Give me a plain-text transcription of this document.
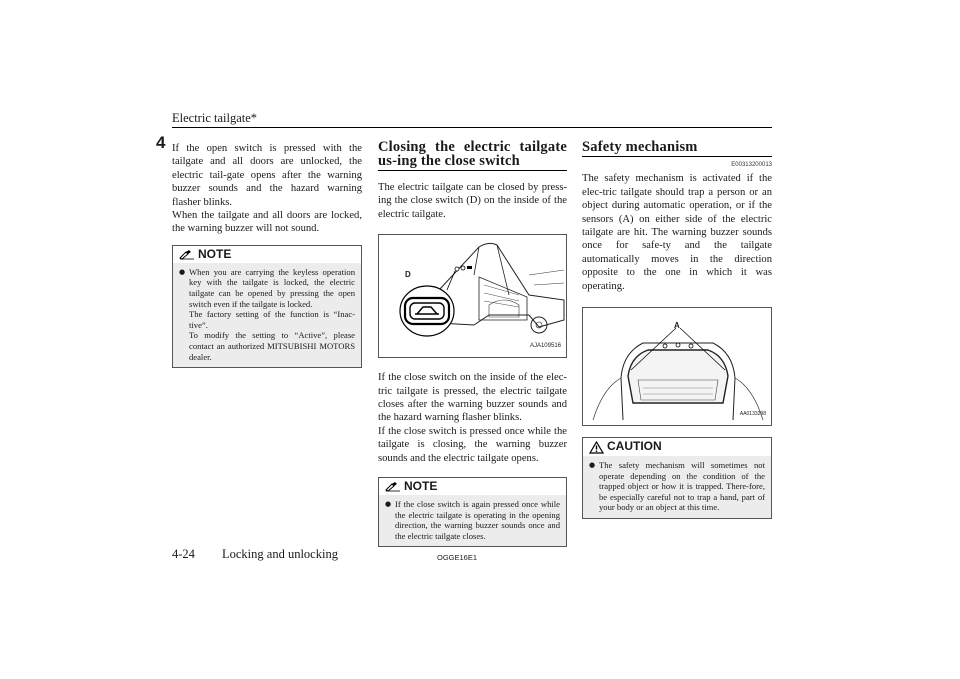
Electric tailgate*
4 If the open switch is pressed with the tailgate and all doors are unlocked, the electric tail-gate opens after the warning buzzer sounds and the hazard warning flasher blinks.

When the tailgate and all doors are locked, the warning buzzer will not sound.

NOTE
● When you are carrying the keyless operation key with the tailgate is locked, the electric tailgate can be opened by pressing the open switch even if the tailgate is locked.
The factory setting of the function is “Inac-tive”.
To modify the setting to “Active”, please contact an authorized MITSUBISHI MOTORS dealer.
Closing the electric tailgate us-ing the close switch

The electric tailgate can be closed by press-ing the close switch (D) on the inside of the electric tailgate.

D
AJA109516

If the close switch on the inside of the elec-tric tailgate is pressed, the electric tailgate closes after the warning buzzer sounds and the hazard warning flasher blinks.

If the close switch is pressed once while the tailgate is closing, the warning buzzer sounds and the electric tailgate opens.

NOTE
● If the close switch is again pressed once while the electric tailgate is operating in the opening direction, the warning buzzer sounds once and the electric tailgate closes.
Safety mechanism
E00313200013

The safety mechanism is activated if the elec-tric tailgate should trap a person or an object during automatic operation, or if the sensors (A) on either side of the electric tailgate are hit. The warning buzzer sounds once for safe-ty and the tailgate automatically moves in the direction opposite to the one in which it was operating.

A
AA0133298
CAUTION
● The safety mechanism will sometimes not operate depending on the condition of the trapped object or how it is trapped. There-fore, be especially careful not to trap a hand, part of your body or an object at this time.
4-24 Locking and unlocking	OGGE16E1
